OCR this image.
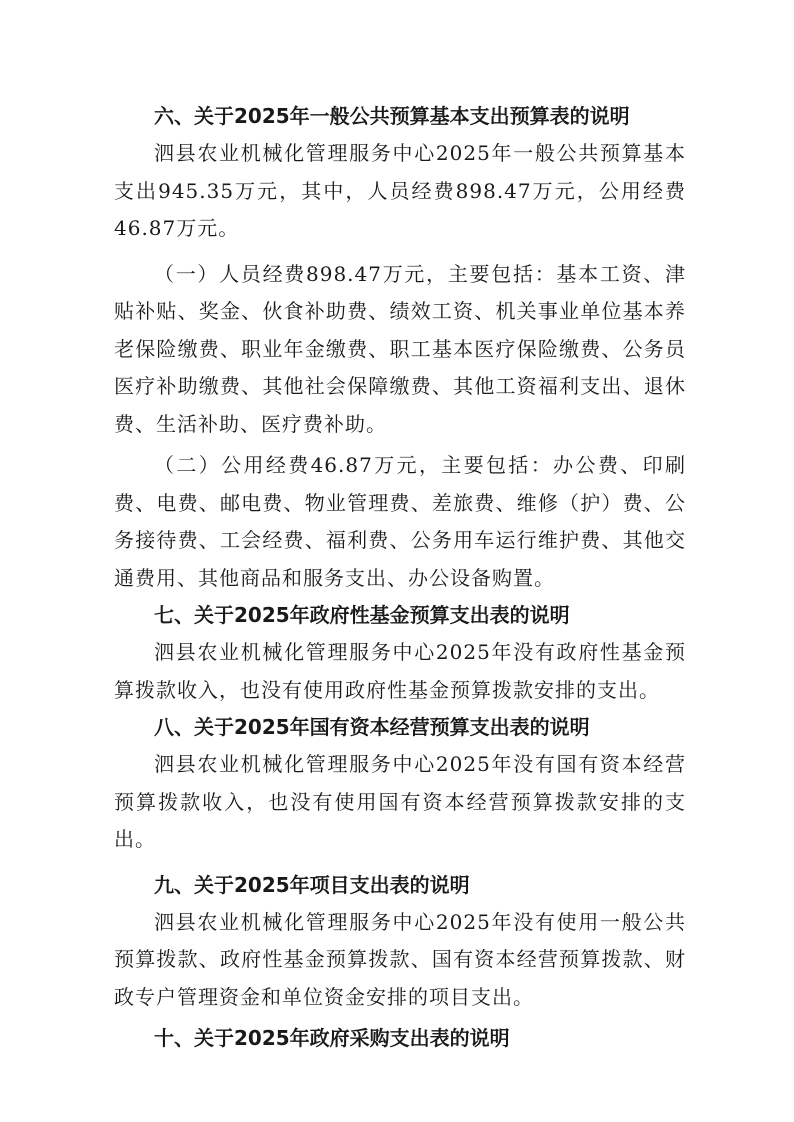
六、关于2025年一般公共预算基本支出预算表的说明

泗县农业机械化管理服务中心2025年一般公共预算基本支出945.35万元，其中，人员经费898.47万元，公用经费46.87万元。

（一）人员经费898.47万元，主要包括：基本工资、津贴补贴、奖金、伙食补助费、绩效工资、机关事业单位基本养老保险缴费、职业年金缴费、职工基本医疗保险缴费、公务员医疗补助缴费、其他社会保障缴费、其他工资福利支出、退休费、生活补助、医疗费补助。

（二）公用经费46.87万元，主要包括：办公费、印刷费、电费、邮电费、物业管理费、差旅费、维修（护）费、公务接待费、工会经费、福利费、公务用车运行维护费、其他交通费用、其他商品和服务支出、办公设备购置。

七、关于2025年政府性基金预算支出表的说明

泗县农业机械化管理服务中心2025年没有政府性基金预算拨款收入，也没有使用政府性基金预算拨款安排的支出。

八、关于2025年国有资本经营预算支出表的说明

泗县农业机械化管理服务中心2025年没有国有资本经营预算拨款收入，也没有使用国有资本经营预算拨款安排的支出。

九、关于2025年项目支出表的说明

泗县农业机械化管理服务中心2025年没有使用一般公共预算拨款、政府性基金预算拨款、国有资本经营预算拨款、财政专户管理资金和单位资金安排的项目支出。

十、关于2025年政府采购支出表的说明
